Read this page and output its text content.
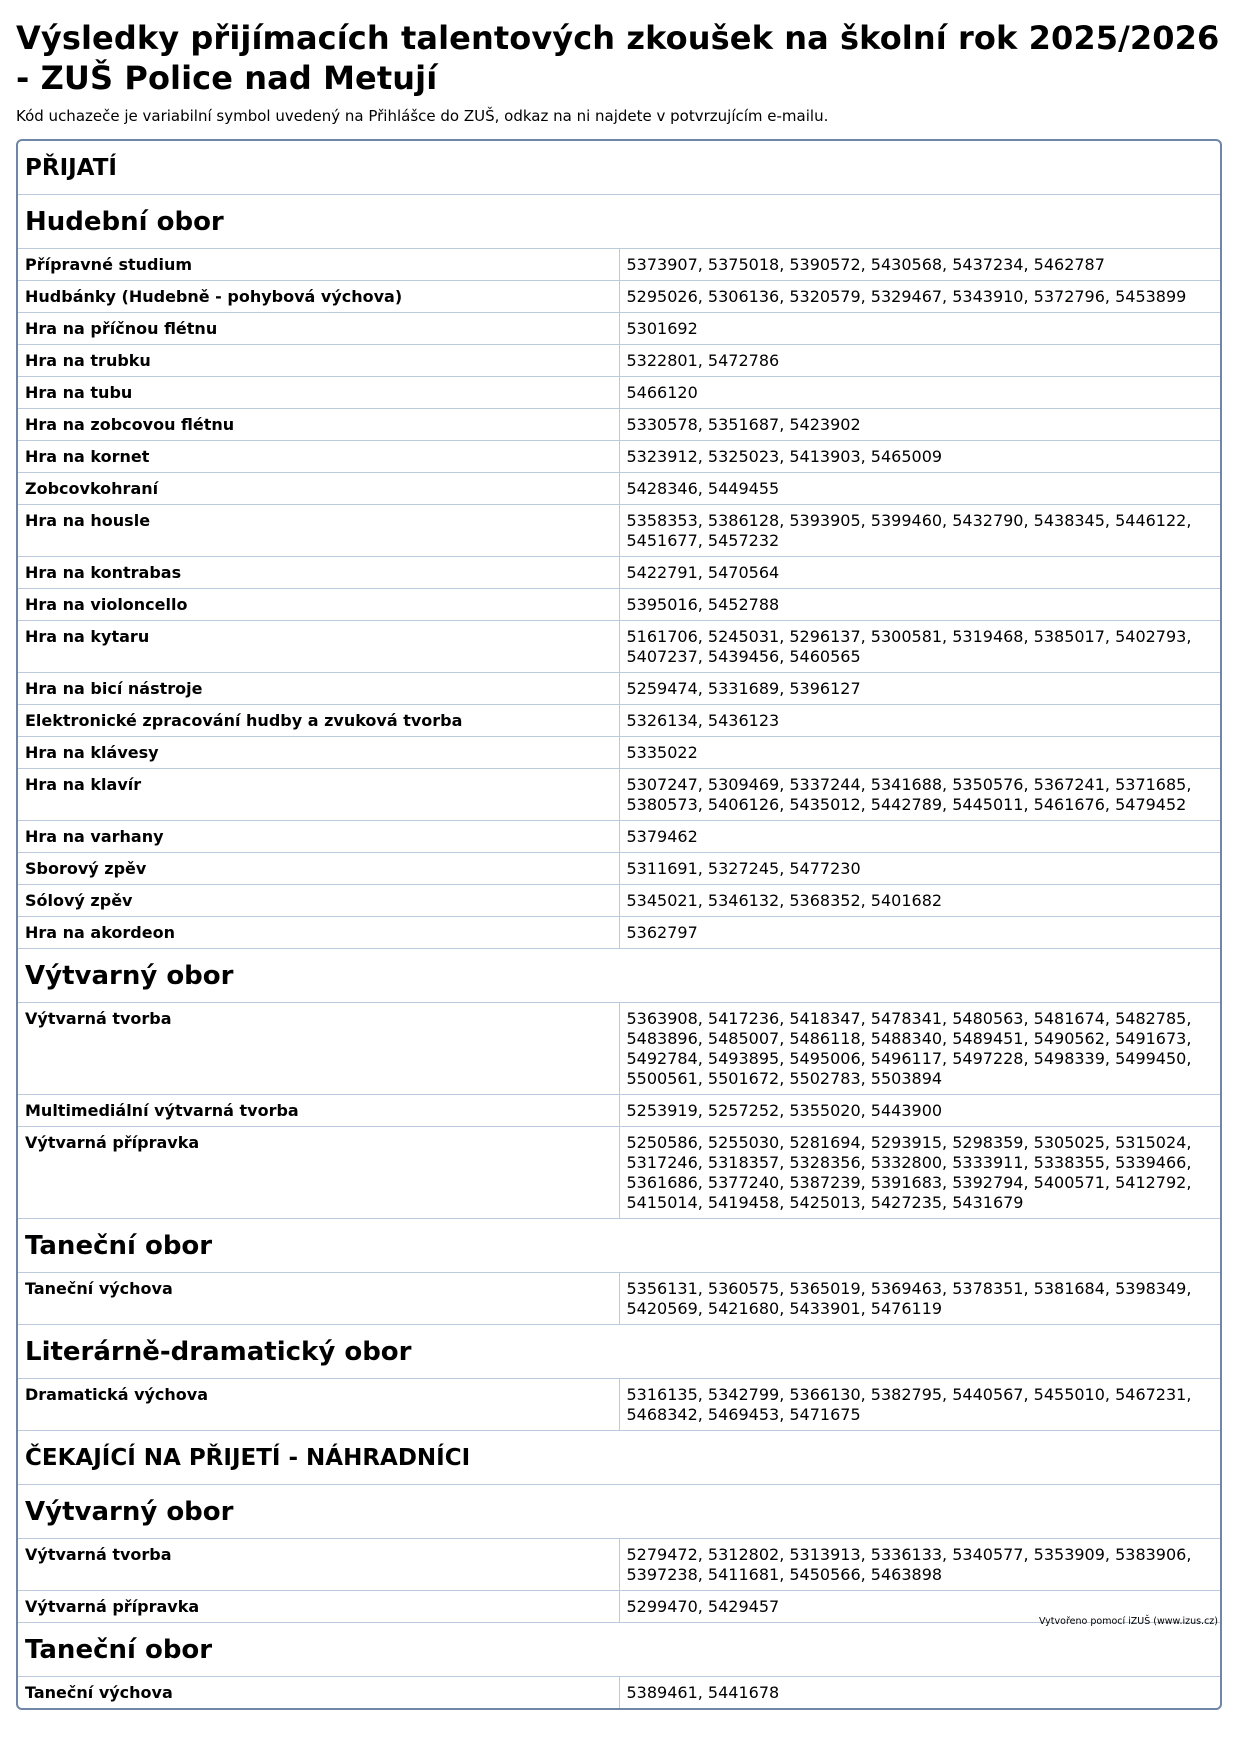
Výsledky přijímacích talentových zkoušek na školní rok 2025/2026 - ZUŠ Police nad Metují
Kód uchazeče je variabilní symbol uvedený na Přihlášce do ZUŠ, odkaz na ni najdete v potvrzujícím e-mailu.
PŘIJATÍ	
Hudební obor	
Přípravné studium	5373907, 5375018, 5390572, 5430568, 5437234, 5462787
Hudbánky (Hudebně - pohybová výchova)	5295026, 5306136, 5320579, 5329467, 5343910, 5372796, 5453899
Hra na příčnou flétnu	5301692
Hra na trubku	5322801, 5472786
Hra na tubu	5466120
Hra na zobcovou flétnu	5330578, 5351687, 5423902
Hra na kornet	5323912, 5325023, 5413903, 5465009
Zobcovkohraní	5428346, 5449455
Hra na housle	5358353, 5386128, 5393905, 5399460, 5432790, 5438345, 5446122, 5451677, 5457232
Hra na kontrabas	5422791, 5470564
Hra na violoncello	5395016, 5452788
Hra na kytaru	5161706, 5245031, 5296137, 5300581, 5319468, 5385017, 5402793, 5407237, 5439456, 5460565
Hra na bicí nástroje	5259474, 5331689, 5396127
Elektronické zpracování hudby a zvuková tvorba	5326134, 5436123
Hra na klávesy	5335022
Hra na klavír	5307247, 5309469, 5337244, 5341688, 5350576, 5367241, 5371685, 5380573, 5406126, 5435012, 5442789, 5445011, 5461676, 5479452
Hra na varhany	5379462
Sborový zpěv	5311691, 5327245, 5477230
Sólový zpěv	5345021, 5346132, 5368352, 5401682
Hra na akordeon	5362797
Výtvarný obor	
Výtvarná tvorba	5363908, 5417236, 5418347, 5478341, 5480563, 5481674, 5482785, 5483896, 5485007, 5486118, 5488340, 5489451, 5490562, 5491673, 5492784, 5493895, 5495006, 5496117, 5497228, 5498339, 5499450, 5500561, 5501672, 5502783, 5503894
Multimediální výtvarná tvorba	5253919, 5257252, 5355020, 5443900
Výtvarná přípravka	5250586, 5255030, 5281694, 5293915, 5298359, 5305025, 5315024, 5317246, 5318357, 5328356, 5332800, 5333911, 5338355, 5339466, 5361686, 5377240, 5387239, 5391683, 5392794, 5400571, 5412792, 5415014, 5419458, 5425013, 5427235, 5431679
Taneční obor	
Taneční výchova	5356131, 5360575, 5365019, 5369463, 5378351, 5381684, 5398349, 5420569, 5421680, 5433901, 5476119
Literárně-dramatický obor	
Dramatická výchova	5316135, 5342799, 5366130, 5382795, 5440567, 5455010, 5467231, 5468342, 5469453, 5471675
ČEKAJÍCÍ NA PŘIJETÍ - NÁHRADNÍCI	
Výtvarný obor	
Výtvarná tvorba	5279472, 5312802, 5313913, 5336133, 5340577, 5353909, 5383906, 5397238, 5411681, 5450566, 5463898
Výtvarná přípravka	5299470, 5429457
Taneční obor	
Taneční výchova	5389461, 5441678
Vytvořeno pomocí iZUŠ (www.izus.cz)
